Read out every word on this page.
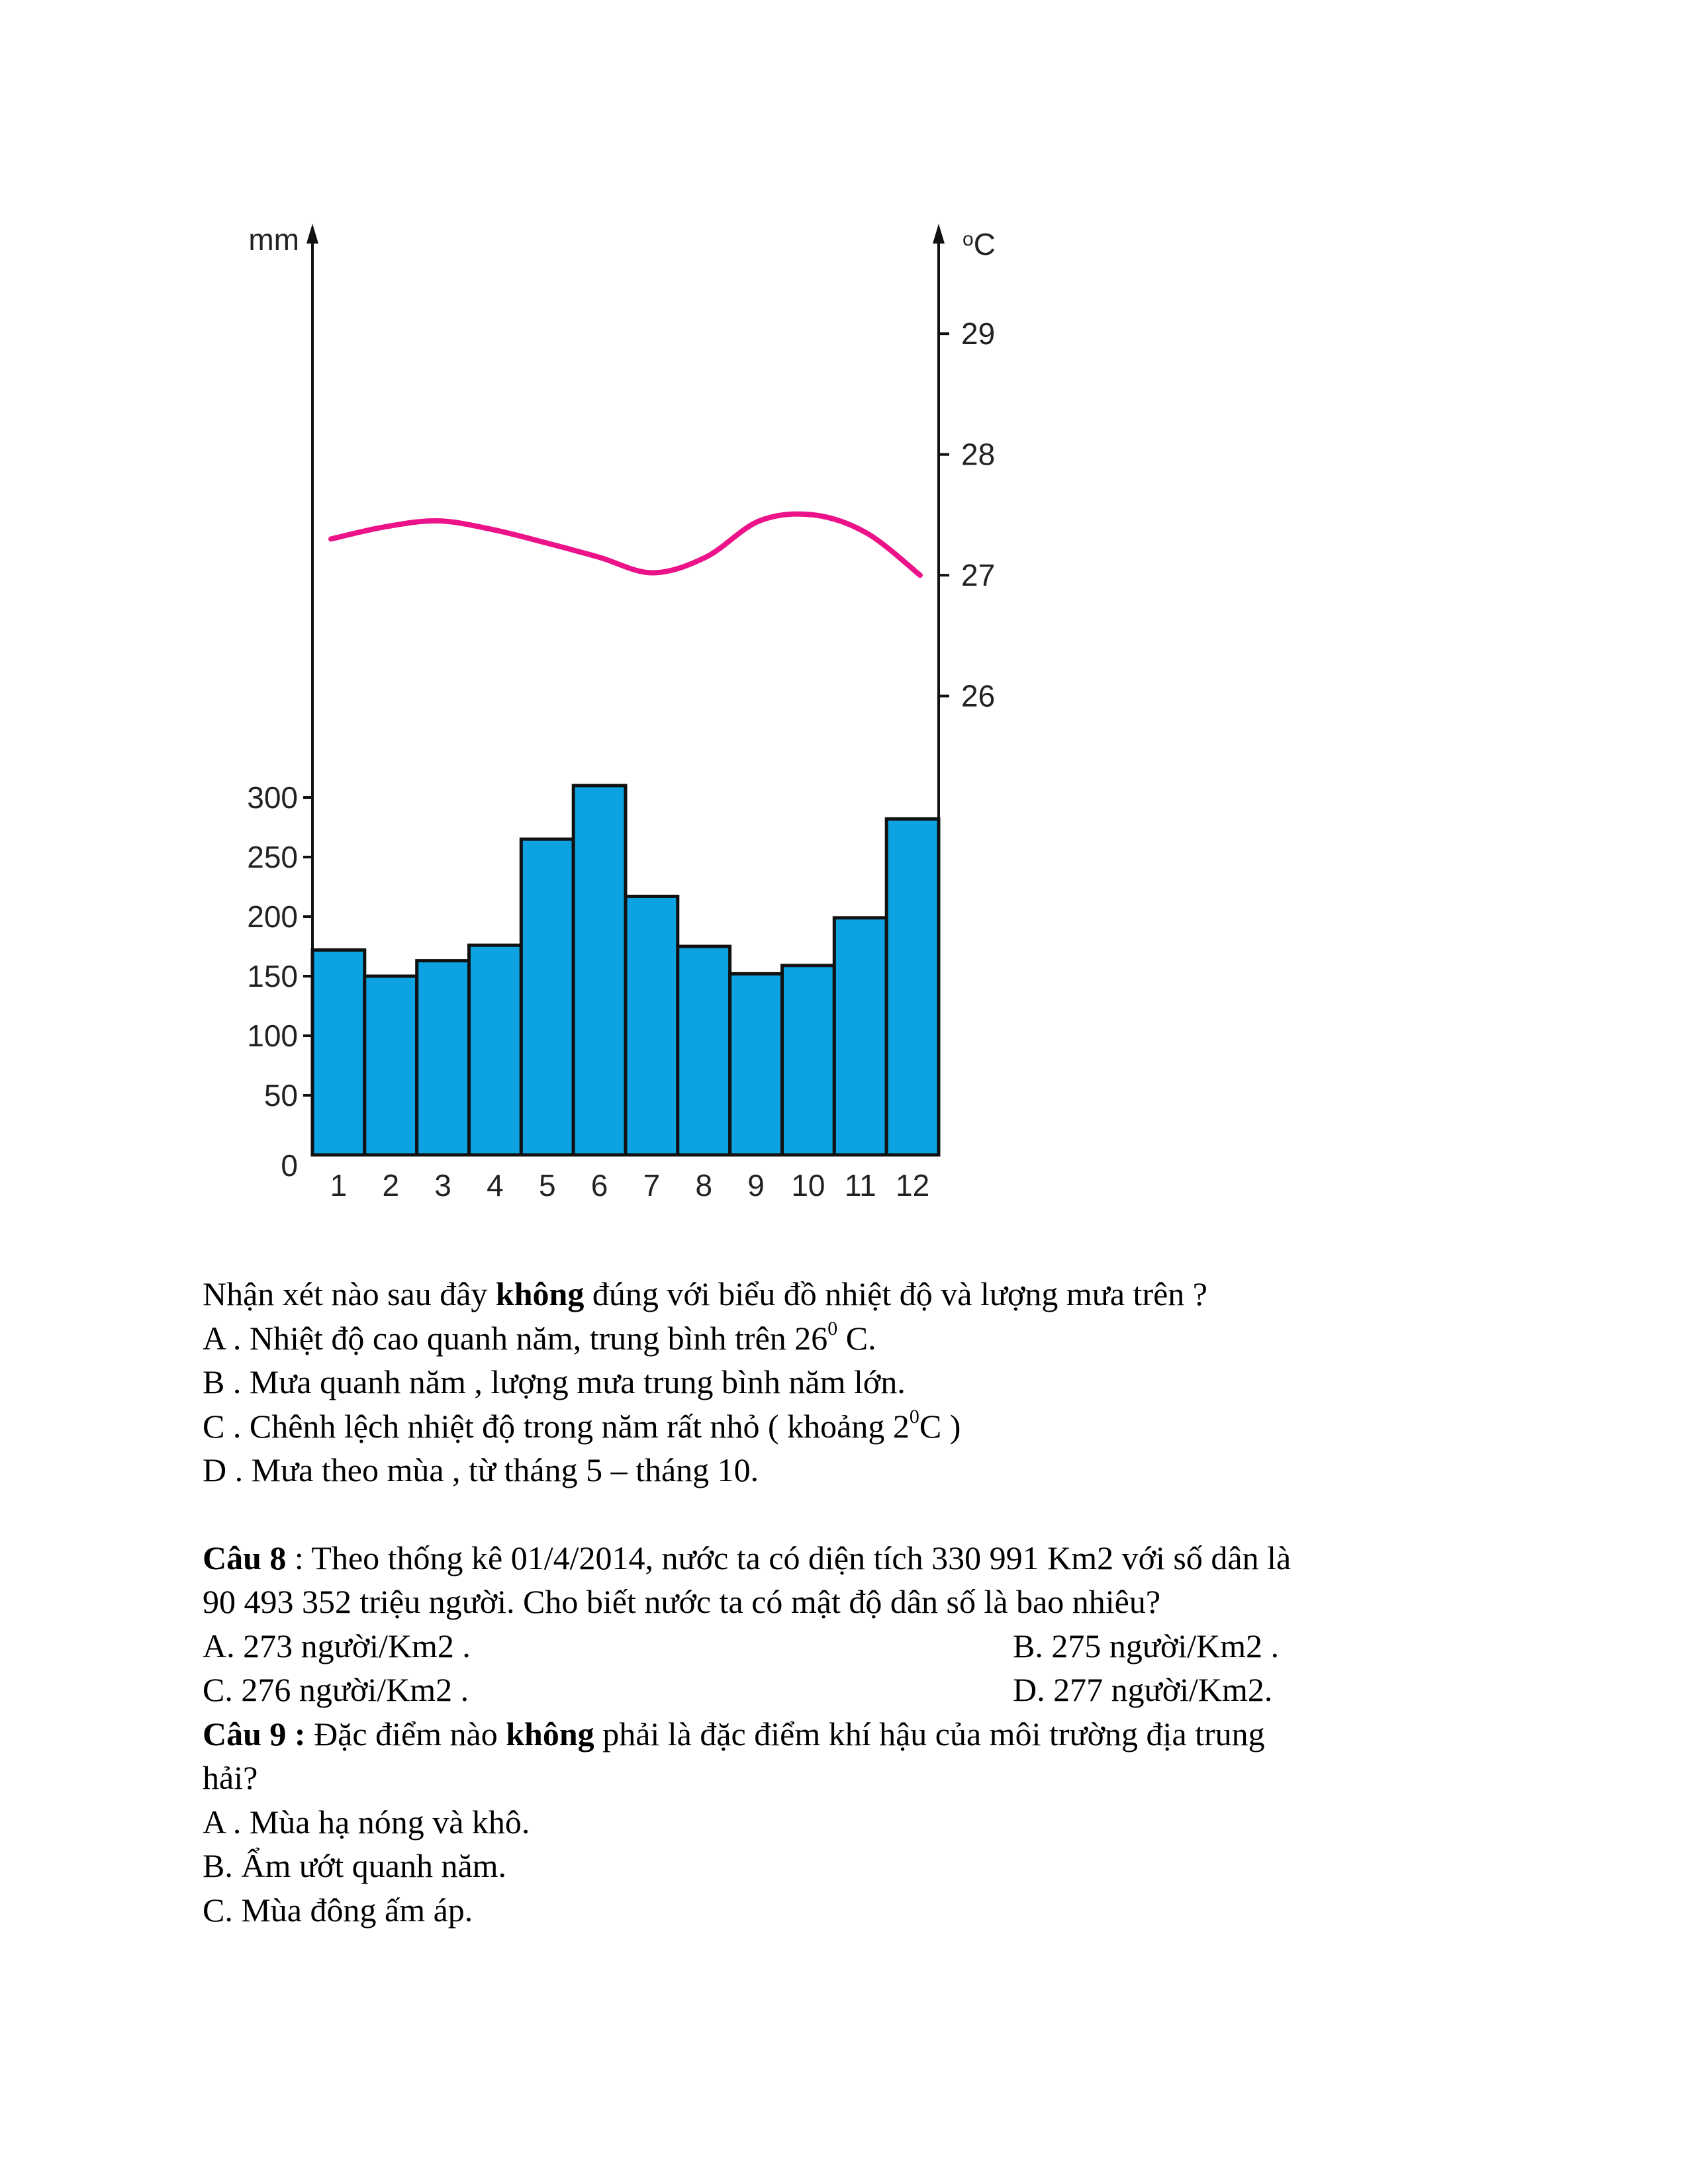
0
50
100
150
200
250
300
26
27
28
29
1 2 3 4 5 6 7 8 9 10 11 12
mm	$^o$C

Nhận xét nào sau đây không đúng với biểu đồ nhiệt độ và lượng mưa trên ?

A . Nhiệt độ cao quanh năm, trung bình trên $26^0$ C.

B . Mưa quanh năm , lượng mưa trung bình năm lớn.

C . Chênh lệch nhiệt độ trong năm rất nhỏ ( khoảng $2^0C$ )

D . Mưa theo mùa , từ tháng 5 – tháng 10.

Câu 8 : Theo thống kê 01/4/2014, nước ta có diện tích 330 991 Km2 với số dân là

90 493 352 triệu người. Cho biết nước ta có mật độ dân số là bao nhiêu?

A. 273 người/Km2 .	B. 275 người/Km2 .

C. 276 người/Km2 .	D. 277 người/Km2.

Câu 9 : Đặc điểm nào không phải là đặc điểm khí hậu của môi trường địa trung

hải?

A . Mùa hạ nóng và khô.

B. Ẩm ướt quanh năm.

C. Mùa đông ấm áp.
